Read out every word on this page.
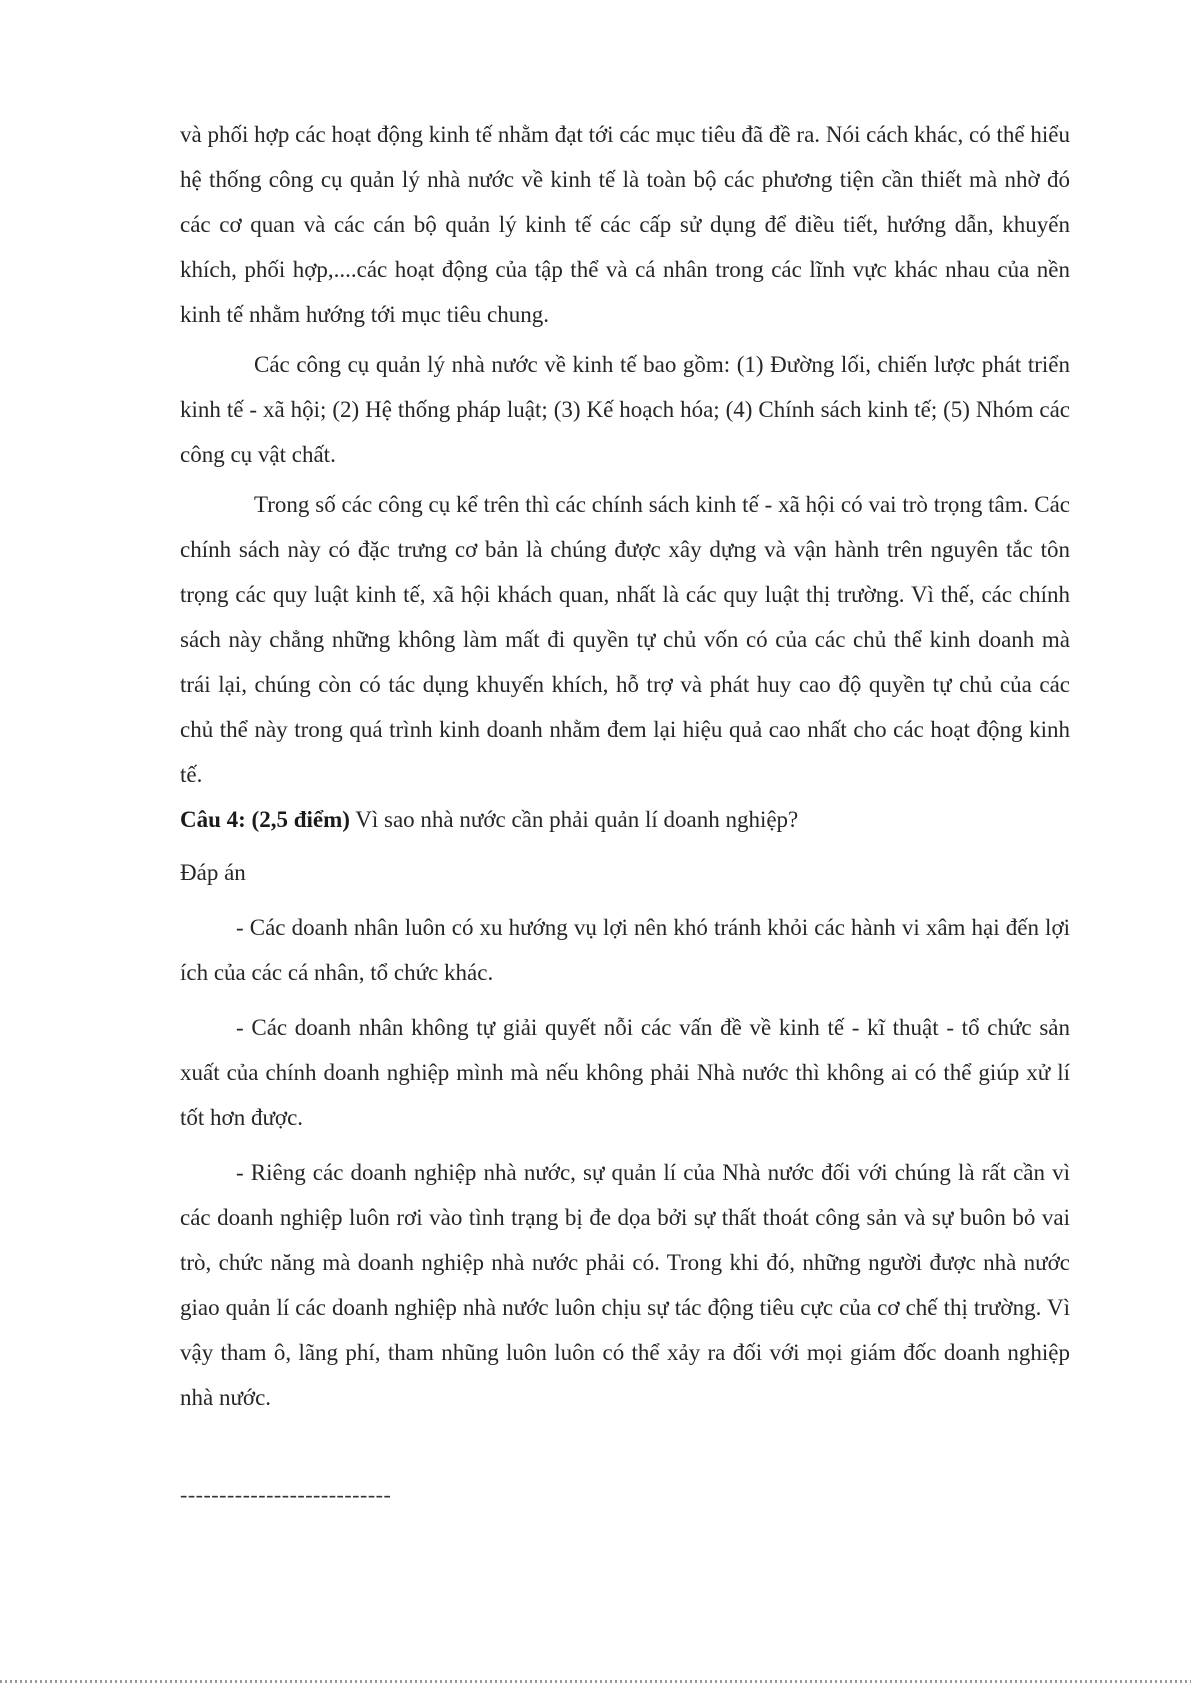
và phối hợp các hoạt động kinh tế nhằm đạt tới các mục tiêu đã đề ra. Nói cách khác, có thể hiểu hệ thống công cụ quản lý nhà nước về kinh tế là toàn bộ các phương tiện cần thiết mà nhờ đó các cơ quan và các cán bộ quản lý kinh tế các cấp sử dụng để điều tiết, hướng dẫn, khuyến khích, phối hợp,....các hoạt động của tập thể và cá nhân trong các lĩnh vực khác nhau của nền kinh tế nhằm hướng tới mục tiêu chung.

Các công cụ quản lý nhà nước về kinh tế bao gồm: (1) Đường lối, chiến lược phát triển kinh tế - xã hội; (2) Hệ thống pháp luật; (3) Kế hoạch hóa; (4) Chính sách kinh tế; (5) Nhóm các công cụ vật chất.

Trong số các công cụ kể trên thì các chính sách kinh tế - xã hội có vai trò trọng tâm. Các chính sách này có đặc trưng cơ bản là chúng được xây dựng và vận hành trên nguyên tắc tôn trọng các quy luật kinh tế, xã hội khách quan, nhất là các quy luật thị trường. Vì thế, các chính sách này chẳng những không làm mất đi quyền tự chủ vốn có của các chủ thể kinh doanh mà trái lại, chúng còn có tác dụng khuyến khích, hỗ trợ và phát huy cao độ quyền tự chủ của các chủ thể này trong quá trình kinh doanh nhằm đem lại hiệu quả cao nhất cho các hoạt động kinh tế.

Câu 4: (2,5 điểm) Vì sao nhà nước cần phải quản lí doanh nghiệp?

Đáp án

- Các doanh nhân luôn có xu hướng vụ lợi nên khó tránh khỏi các hành vi xâm hại đến lợi ích của các cá nhân, tổ chức khác.

- Các doanh nhân không tự giải quyết nỗi các vấn đề về kinh tế - kĩ thuật - tổ chức sản xuất của chính doanh nghiệp mình mà nếu không phải Nhà nước thì không ai có thể giúp xử lí tốt hơn được.

- Riêng các doanh nghiệp nhà nước, sự quản lí của Nhà nước đối với chúng là rất cần vì các doanh nghiệp luôn rơi vào tình trạng bị đe dọa bởi sự thất thoát công sản và sự buôn bỏ vai trò, chức năng mà doanh nghiệp nhà nước phải có. Trong khi đó, những người được nhà nước giao quản lí các doanh nghiệp nhà nước luôn chịu sự tác động tiêu cực của cơ chế thị trường. Vì vậy tham ô, lãng phí, tham nhũng luôn luôn có thể xảy ra đối với mọi giám đốc doanh nghiệp nhà nước.

---------------------------
